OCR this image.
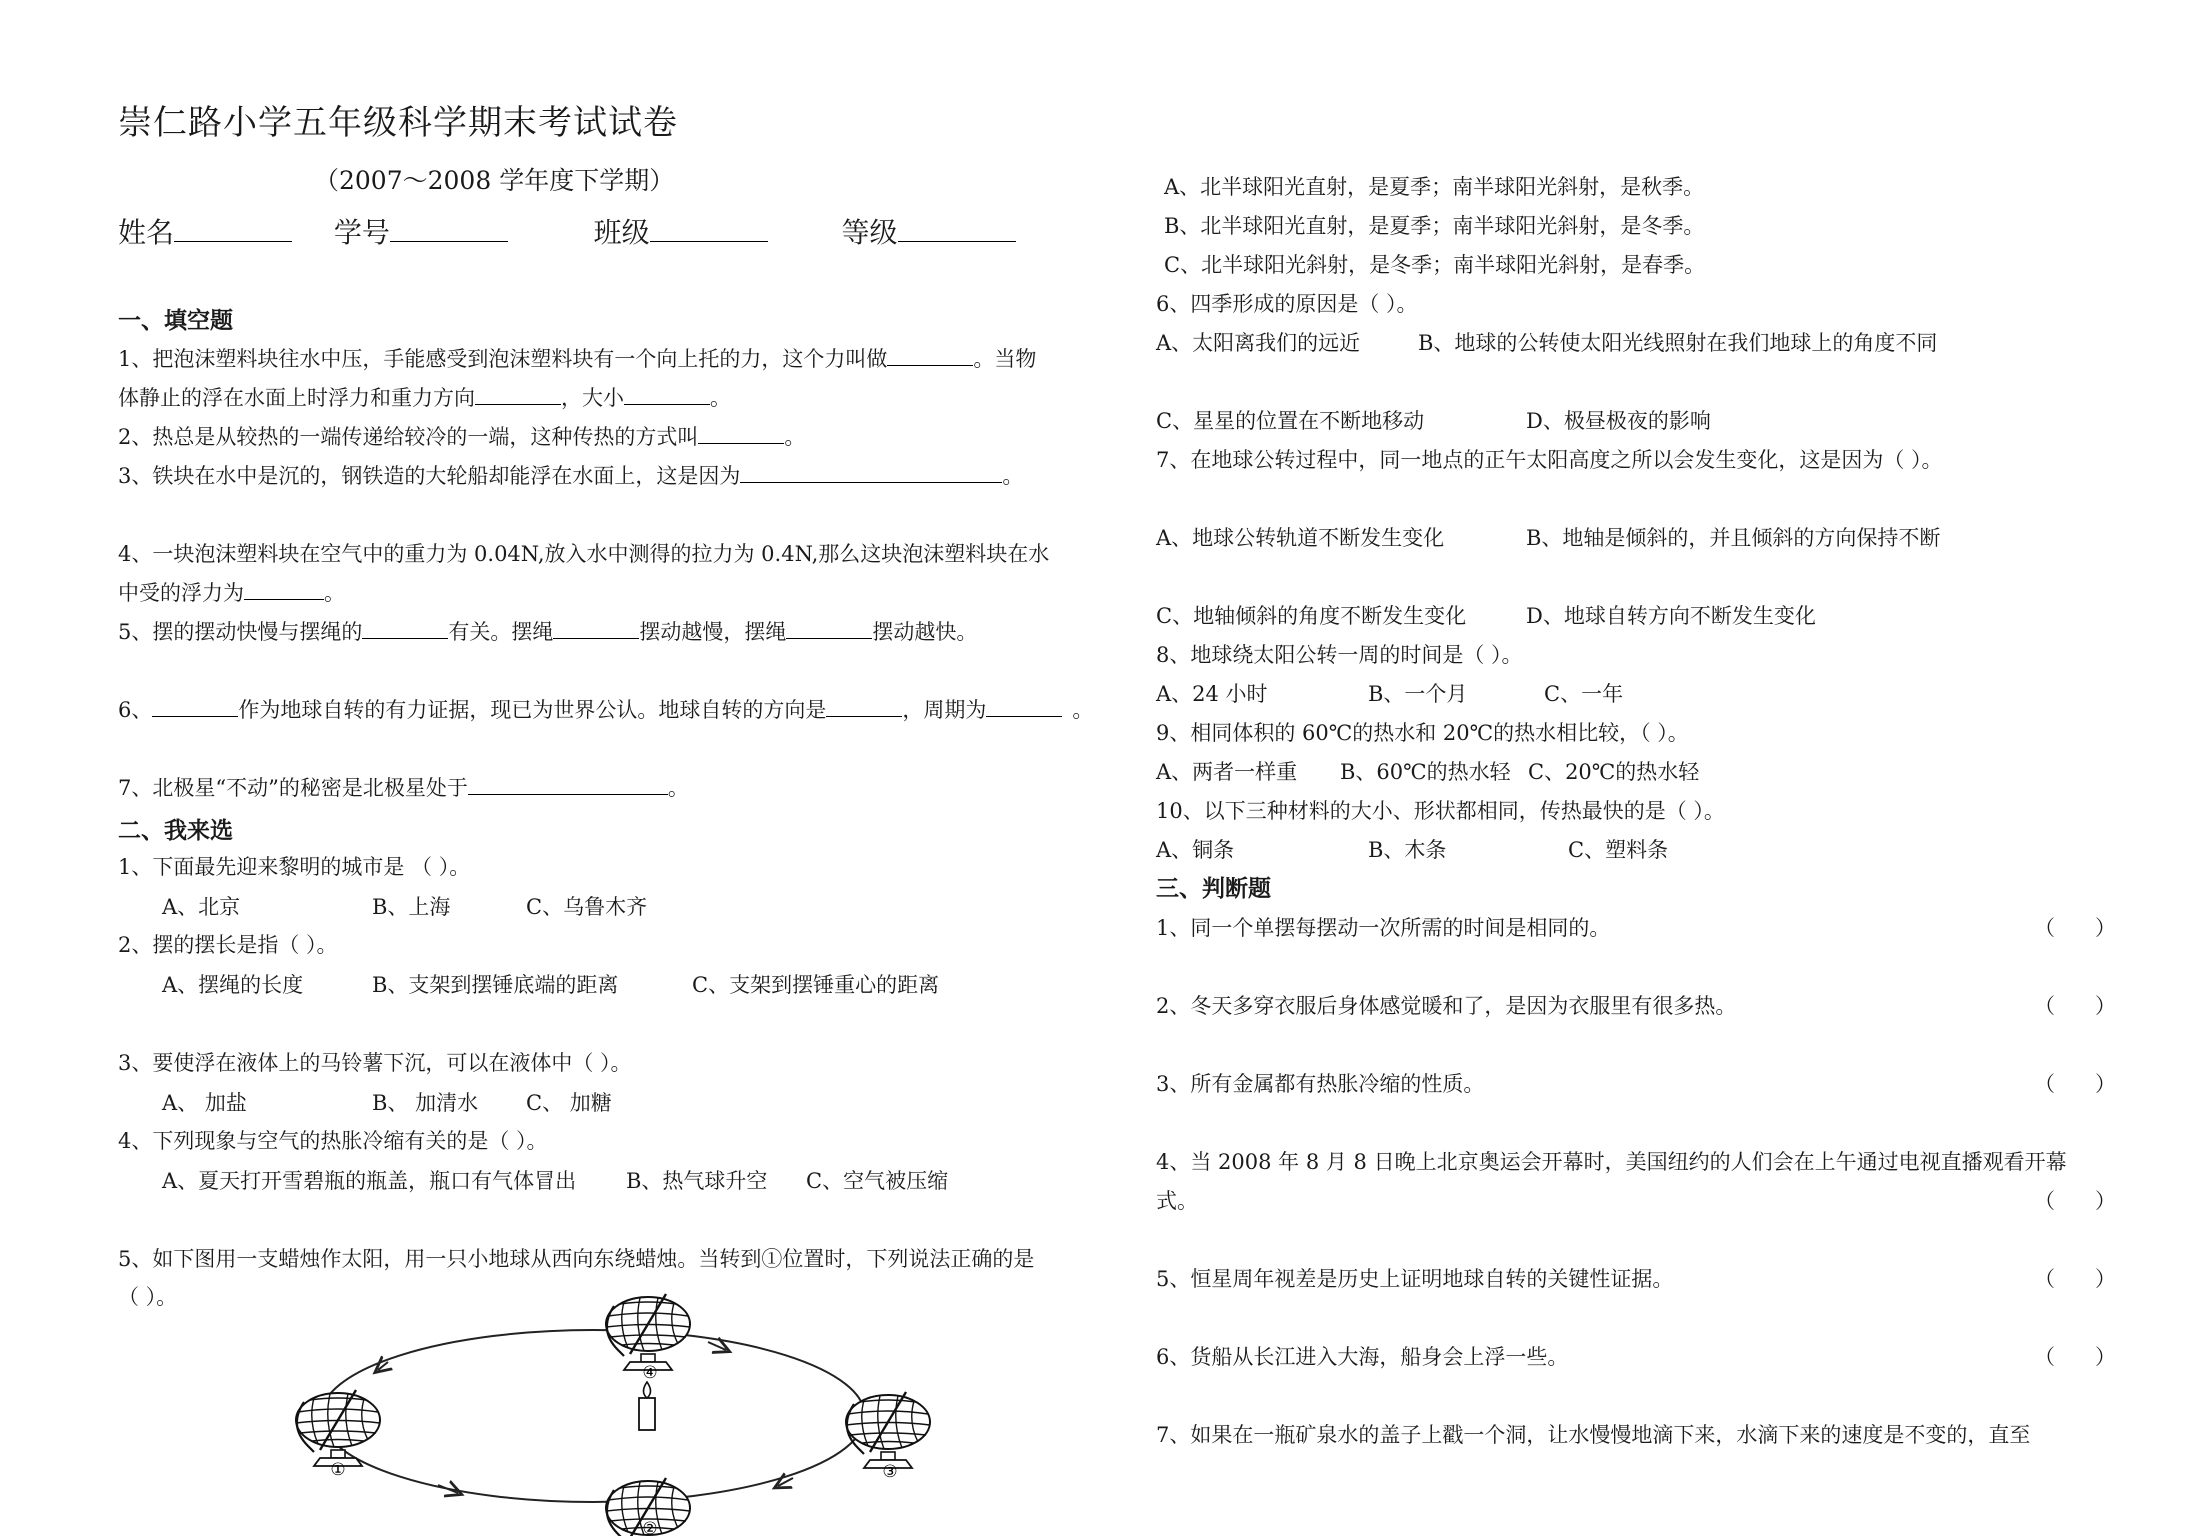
崇仁路小学五年级科学期末考试试卷
（2007～2008 学年度下学期）
姓名	学号	班级	等级
一、填空题
1、把泡沫塑料块往水中压，手能感受到泡沫塑料块有一个向上托的力，这个力叫做	。当物
体静止的浮在水面上时浮力和重力方向	，大小	。
2、热总是从较热的一端传递给较冷的一端，这种传热的方式叫	。
3、铁块在水中是沉的，钢铁造的大轮船却能浮在水面上，这是因为	。
4、一块泡沫塑料块在空气中的重力为 0.04N,放入水中测得的拉力为 0.4N,那么这块泡沫塑料块在水
中受的浮力为	。
5、摆的摆动快慢与摆绳的	有关。摆绳	摆动越慢，摆绳	摆动越快。
6、	作为地球自转的有力证据，现已为世界公认。地球自转的方向是	，周期为	。
7、北极星“不动”的秘密是北极星处于	。
二、我来选
1、下面最先迎来黎明的城市是 （ ）。
A、北京	B、上海	C、乌鲁木齐
2、摆的摆长是指（ ）。
A、摆绳的长度	B、支架到摆锤底端的距离	C、支架到摆锤重心的距离
3、要使浮在液体上的马铃薯下沉，可以在液体中（ ）。
A、 加盐	B、 加清水 C、 加糖
4、下列现象与空气的热胀冷缩有关的是（ ）。
A、夏天打开雪碧瓶的瓶盖，瓶口有气体冒出 B、热气球升空 C、空气被压缩
5、如下图用一支蜡烛作太阳，用一只小地球从西向东绕蜡烛。当转到①位置时，下列说法正确的是
（ ）。
④
①	③
②
A、北半球阳光直射，是夏季；南半球阳光斜射，是秋季。
B、北半球阳光直射，是夏季；南半球阳光斜射，是冬季。
C、北半球阳光斜射，是冬季；南半球阳光斜射，是春季。
6、四季形成的原因是（ ）。
A、太阳离我们的远近	B、地球的公转使太阳光线照射在我们地球上的角度不同
C、星星的位置在不断地移动	D、极昼极夜的影响
7、在地球公转过程中，同一地点的正午太阳高度之所以会发生变化，这是因为（ ）。
A、地球公转轨道不断发生变化	B、地轴是倾斜的，并且倾斜的方向保持不断
C、地轴倾斜的角度不断发生变化	D、地球自转方向不断发生变化
8、地球绕太阳公转一周的时间是（ ）。
A、24 小时	B、一个月	C、一年
9、相同体积的 60℃的热水和 20℃的热水相比较，（ ）。
A、两者一样重 B、60℃的热水轻 C、20℃的热水轻
10、以下三种材料的大小、形状都相同，传热最快的是（ ）。
A、铜条	B、木条	C、塑料条
三、判断题
1、同一个单摆每摆动一次所需的时间是相同的。	（      ）
2、冬天多穿衣服后身体感觉暖和了，是因为衣服里有很多热。	（      ）
3、所有金属都有热胀冷缩的性质。	（      ）
4、当 2008 年 8 月 8 日晚上北京奥运会开幕时，美国纽约的人们会在上午通过电视直播观看开幕
式。	（      ）
5、恒星周年视差是历史上证明地球自转的关键性证据。	（      ）
6、货船从长江进入大海，船身会上浮一些。	（      ）
7、如果在一瓶矿泉水的盖子上戳一个洞，让水慢慢地滴下来，水滴下来的速度是不变的，直至
